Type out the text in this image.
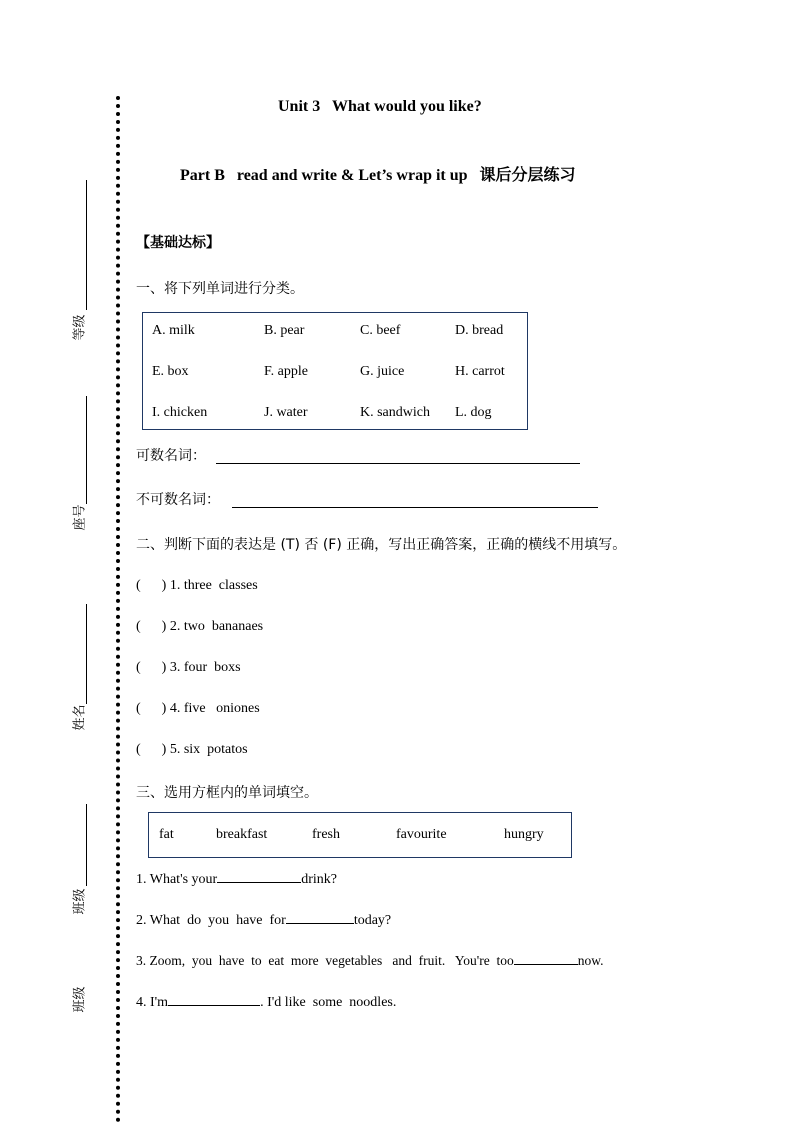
等级
座号
姓名
班级
班级
Unit 3   What would you like?

Part B   read and write & Let’s wrap it up 课后分层练习

【基础达标】
一、将下列单词进行分类。
A. milk	B. pear	C. beef	D. bread
E. box	F. apple	G. juice	H. carrot
I. chicken	J. water	K. sandwich L. dog
可数名词：
不可数名词：
二、判断下面的表达是 (T) 否 (F) 正确，写出正确答案，正确的横线不用填写。
(      ) 1. three  classes
(      ) 2. two  bananaes
(      ) 3. four  boxs
(      ) 4. five   oniones
(      ) 5. six  potatos
三、选用方框内的单词填空。
fat	breakfast	fresh	favourite	hungry
1. What's your	drink?
2. What  do  you  have  for	today?
3. Zoom,  you  have  to  eat  more  vegetables   and  fruit.   You're  too	now.
4. I'm	. I'd like  some  noodles.
